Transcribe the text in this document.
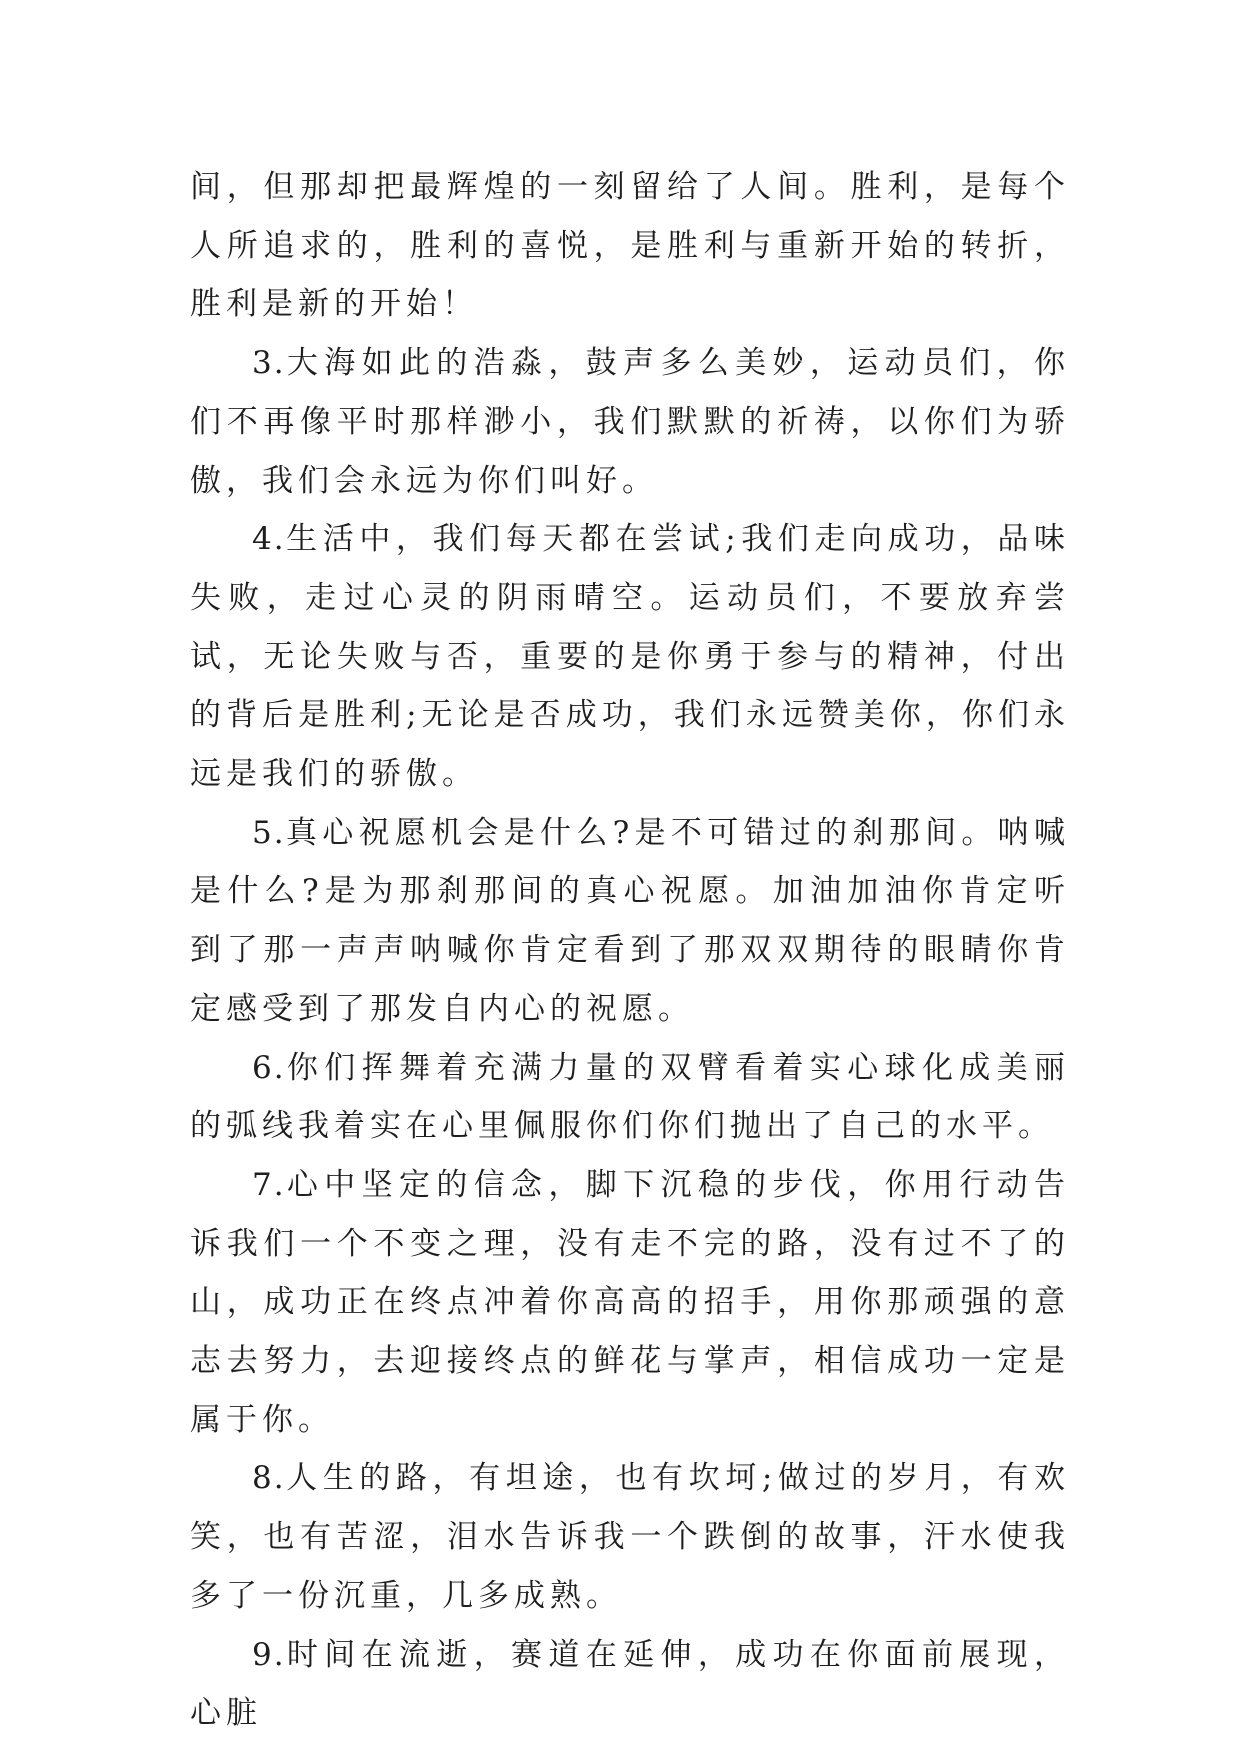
间，但那却把最辉煌的一刻留给了人间。胜利，是每个人所追求的，胜利的喜悦，是胜利与重新开始的转折，胜利是新的开始！

3.大海如此的浩淼，鼓声多么美妙，运动员们，你们不再像平时那样渺小，我们默默的祈祷，以你们为骄傲，我们会永远为你们叫好。

4.生活中，我们每天都在尝试;我们走向成功，品味失败，走过心灵的阴雨晴空。运动员们，不要放弃尝试，无论失败与否，重要的是你勇于参与的精神，付出的背后是胜利;无论是否成功，我们永远赞美你，你们永远是我们的骄傲。

5.真心祝愿机会是什么?是不可错过的刹那间。呐喊是什么?是为那刹那间的真心祝愿。加油加油你肯定听到了那一声声呐喊你肯定看到了那双双期待的眼睛你肯定感受到了那发自内心的祝愿。

6.你们挥舞着充满力量的双臂看着实心球化成美丽的弧线我着实在心里佩服你们你们抛出了自己的水平。

7.心中坚定的信念，脚下沉稳的步伐，你用行动告诉我们一个不变之理，没有走不完的路，没有过不了的山，成功正在终点冲着你高高的招手，用你那顽强的意志去努力，去迎接终点的鲜花与掌声，相信成功一定是属于你。

8.人生的路，有坦途，也有坎坷;做过的岁月，有欢笑，也有苦涩，泪水告诉我一个跌倒的故事，汗水使我多了一份沉重，几多成熟。

9.时间在流逝，赛道在延伸，成功在你面前展现，心脏
